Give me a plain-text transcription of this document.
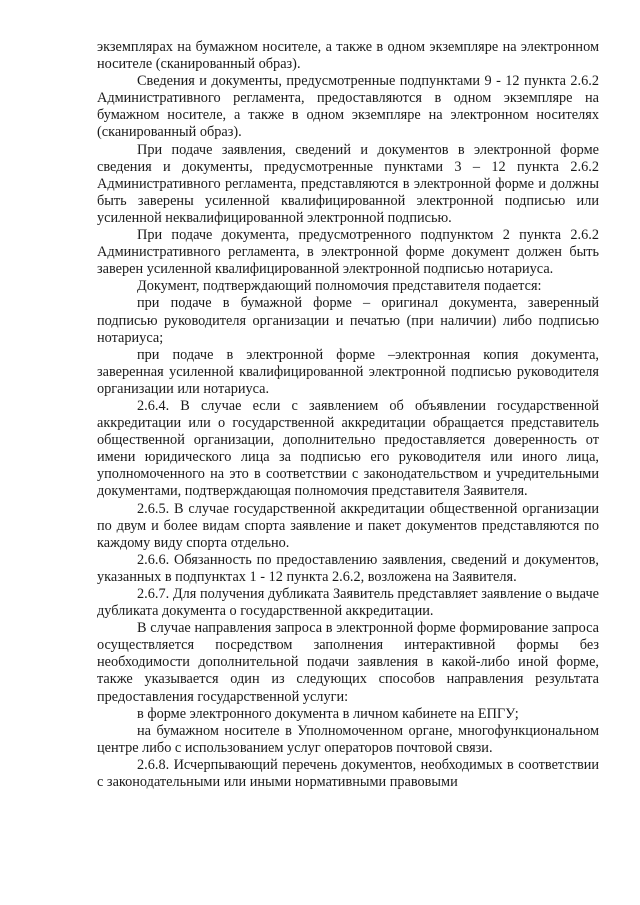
экземплярах на бумажном носителе, а также в одном экземпляре на электронном носителе (сканированный образ).

Сведения и документы, предусмотренные подпунктами 9 - 12 пункта 2.6.2 Административного регламента, предоставляются в одном экземпляре на бумажном носителе, а также в одном экземпляре на электронном носителях (сканированный образ).

При подаче заявления, сведений и документов в электронной форме сведения и документы, предусмотренные пунктами 3 – 12 пункта 2.6.2 Административного регламента, представляются в электронной форме и должны быть заверены усиленной квалифицированной электронной подписью или усиленной неквалифицированной электронной подписью.

При подаче документа, предусмотренного подпунктом 2 пункта 2.6.2 Административного регламента, в электронной форме документ должен быть заверен усиленной квалифицированной электронной подписью нотариуса.

Документ, подтверждающий полномочия представителя подается:

при подаче в бумажной форме – оригинал документа, заверенный подписью руководителя организации и печатью (при наличии) либо подписью нотариуса;

при подаче в электронной форме –электронная копия документа, заверенная усиленной квалифицированной электронной подписью руководителя организации или нотариуса.

2.6.4. В случае если с заявлением об объявлении государственной аккредитации или о государственной аккредитации обращается представитель общественной организации, дополнительно предоставляется доверенность от имени юридического лица за подписью его руководителя или иного лица, уполномоченного на это в соответствии с законодательством и учредительными документами, подтверждающая полномочия представителя Заявителя.

2.6.5. В случае государственной аккредитации общественной организации по двум и более видам спорта заявление и пакет документов представляются по каждому виду спорта отдельно.

2.6.6. Обязанность по предоставлению заявления, сведений и документов, указанных в подпунктах 1 - 12 пункта 2.6.2, возложена на Заявителя.

2.6.7. Для получения дубликата Заявитель представляет заявление о выдаче дубликата документа о государственной аккредитации.

В случае направления запроса в электронной форме формирование запроса осуществляется посредством заполнения интерактивной формы без необходимости дополнительной подачи заявления в какой-либо иной форме, также указывается один из следующих способов направления результата предоставления государственной услуги:

в форме электронного документа в личном кабинете на ЕПГУ;

на бумажном носителе в Уполномоченном органе, многофункциональном центре либо с использованием услуг операторов почтовой связи.

2.6.8. Исчерпывающий перечень документов, необходимых в соответствии с законодательными или иными нормативными правовыми
